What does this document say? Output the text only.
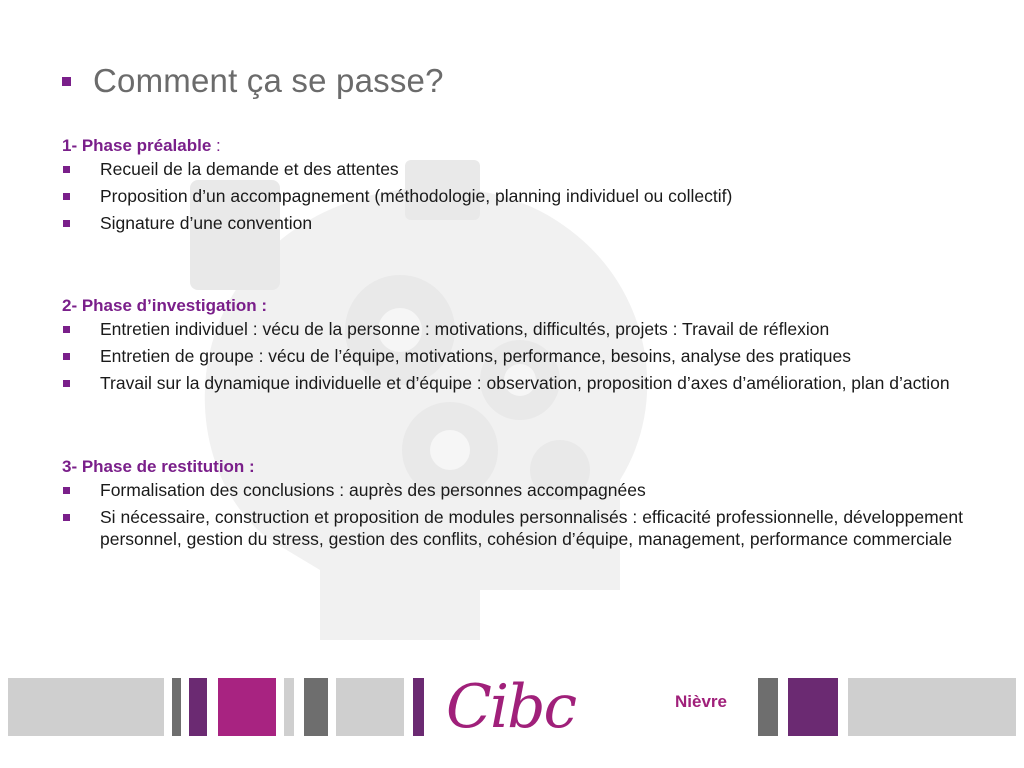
Comment ça se passe?
1- Phase préalable :
Recueil de la demande et des attentes
Proposition d’un accompagnement (méthodologie, planning individuel ou collectif)
Signature d’une convention
2- Phase d’investigation :
Entretien individuel : vécu de la personne : motivations, difficultés, projets : Travail de réflexion
Entretien de groupe : vécu de l’équipe, motivations, performance, besoins, analyse des pratiques
Travail sur la dynamique individuelle et d’équipe : observation, proposition d’axes d’amélioration, plan d’action
3- Phase de restitution :
Formalisation des conclusions : auprès des personnes accompagnées
Si nécessaire, construction et proposition de modules personnalisés : efficacité professionnelle, développement personnel, gestion du stress, gestion des conflits, cohésion d’équipe, management, performance commerciale
Cibc	Nièvre
